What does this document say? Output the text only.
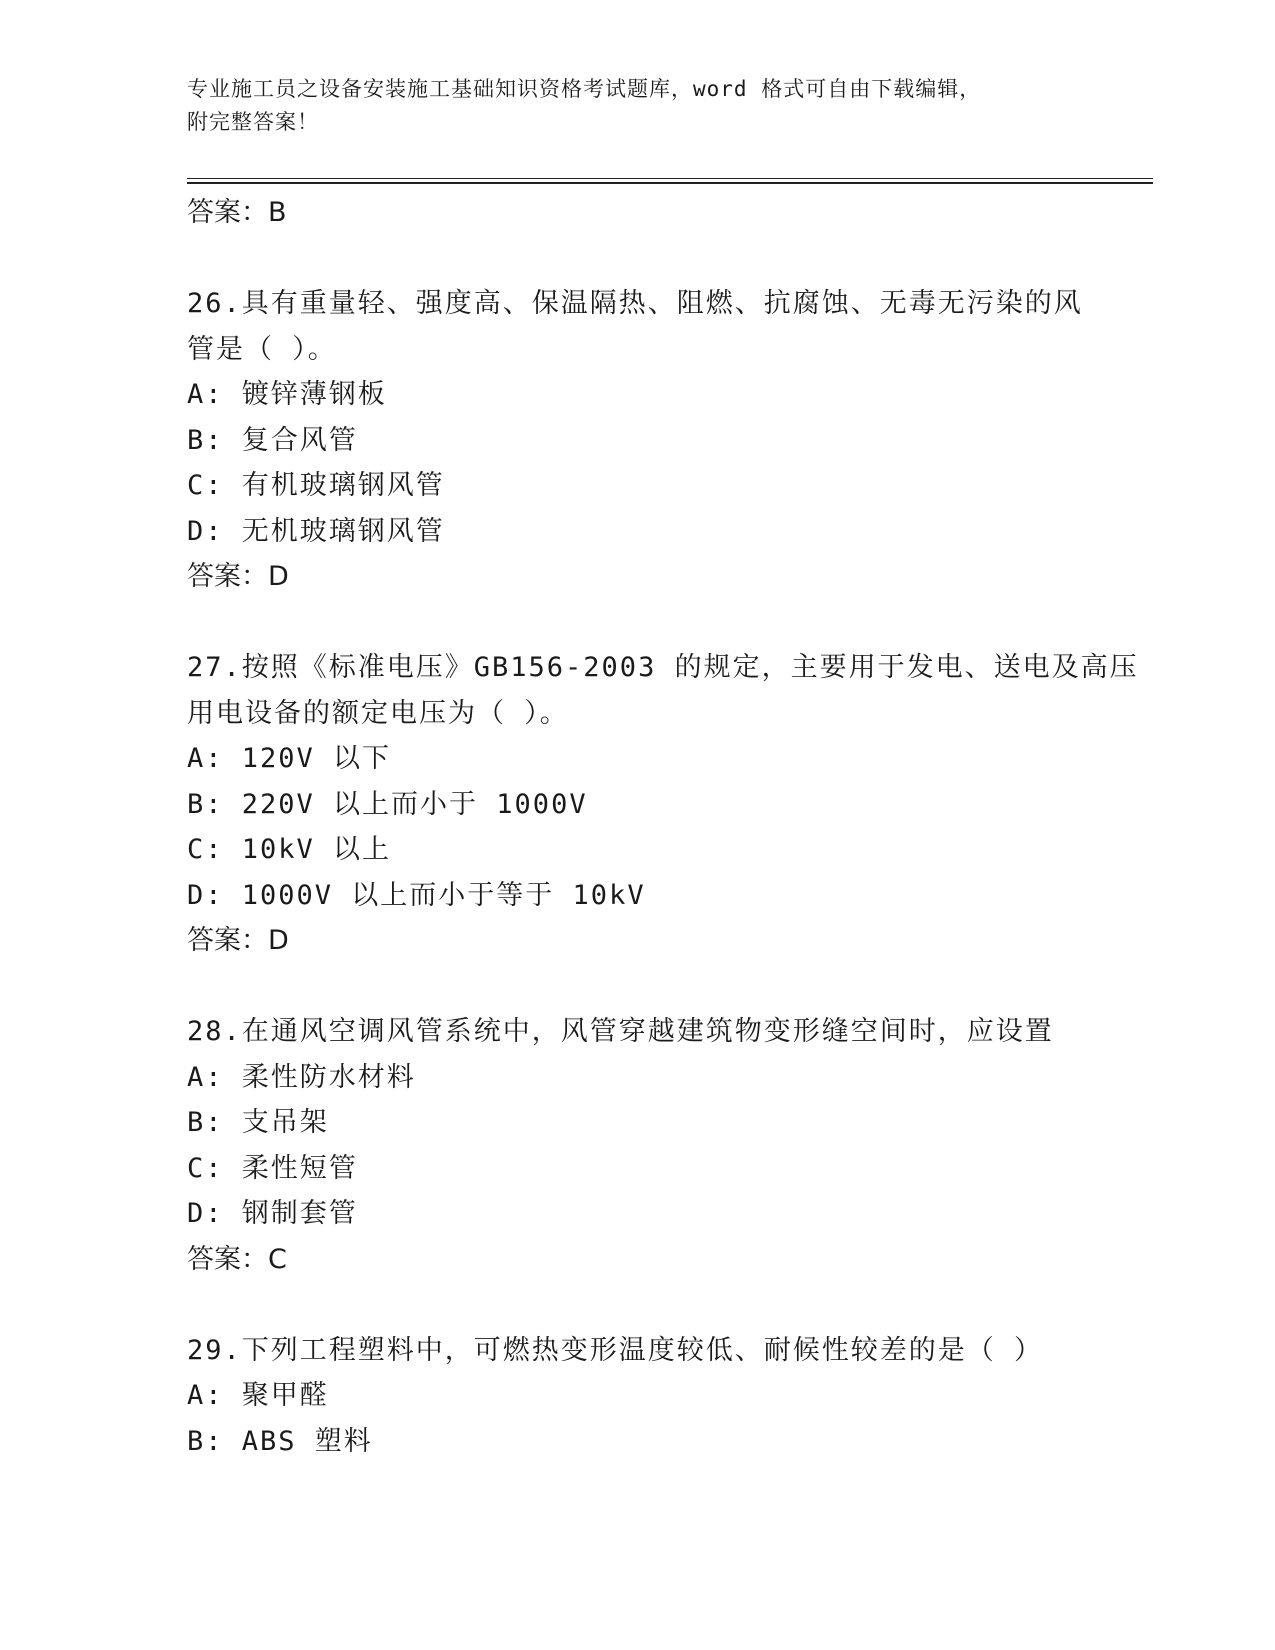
专业施工员之设备安装施工基础知识资格考试题库，word 格式可自由下载编辑，
附完整答案！
答案：B
26.具有重量轻、强度高、保温隔热、阻燃、抗腐蚀、无毒无污染的风
管是（ ）。
A: 镀锌薄钢板
B: 复合风管
C: 有机玻璃钢风管
D: 无机玻璃钢风管
答案：D
27.按照《标准电压》GB156-2003 的规定，主要用于发电、送电及高压
用电设备的额定电压为（ ）。
A: 120V 以下
B: 220V 以上而小于 1000V
C: 10kV 以上
D: 1000V 以上而小于等于 10kV
答案：D
28.在通风空调风管系统中，风管穿越建筑物变形缝空间时，应设置
A: 柔性防水材料
B: 支吊架
C: 柔性短管
D: 钢制套管
答案：C
29.下列工程塑料中，可燃热变形温度较低、耐候性较差的是（ ）
A: 聚甲醛
B: ABS 塑料
